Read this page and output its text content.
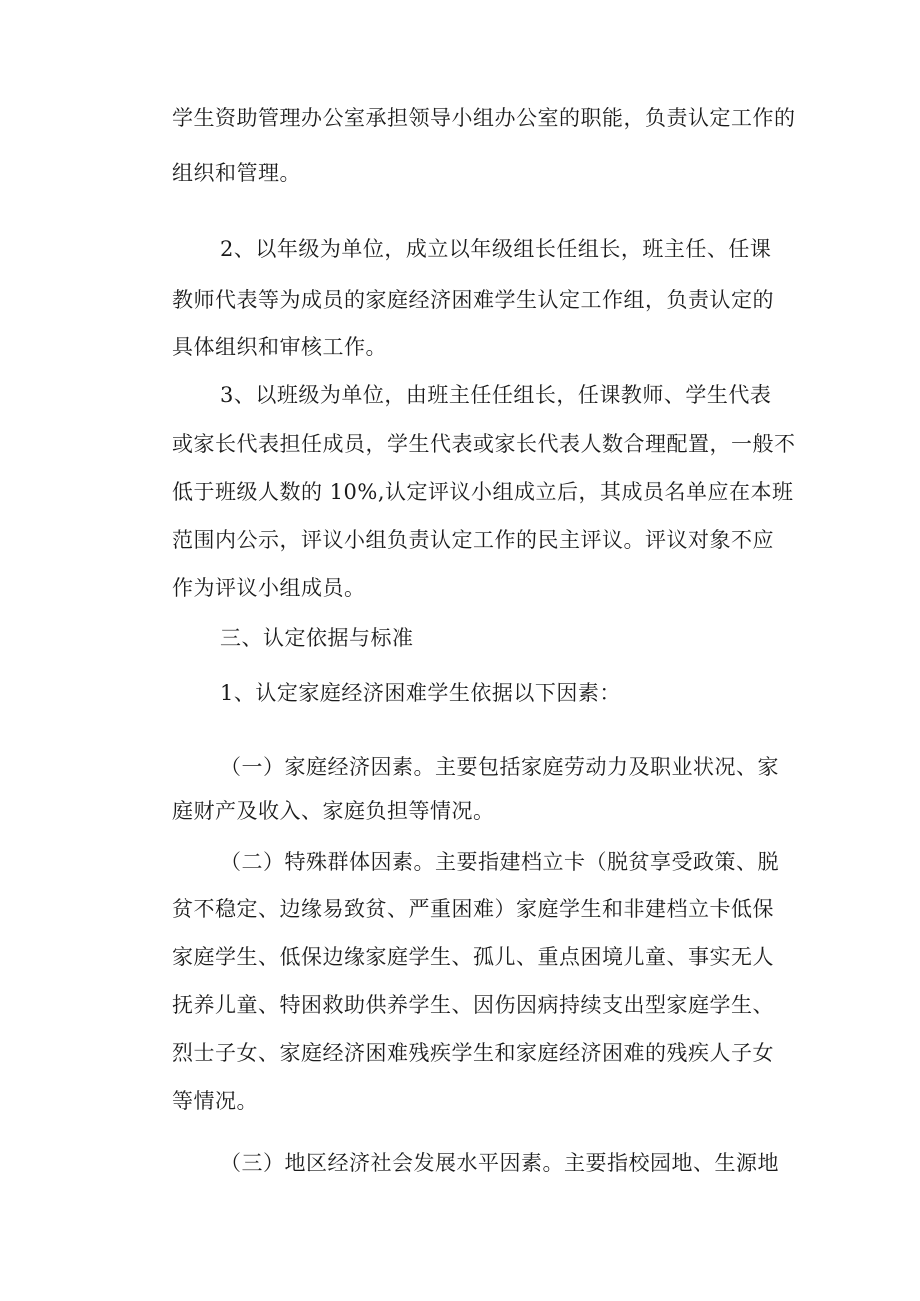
学生资助管理办公室承担领导小组办公室的职能，负责认定工作的
组织和管理。
2、以年级为单位，成立以年级组长任组长，班主任、任课
教师代表等为成员的家庭经济困难学生认定工作组，负责认定的
具体组织和审核工作。
3、以班级为单位，由班主任任组长，任课教师、学生代表
或家长代表担任成员，学生代表或家长代表人数合理配置，一般不
低于班级人数的 10%,认定评议小组成立后，其成员名单应在本班
范围内公示，评议小组负责认定工作的民主评议。评议对象不应
作为评议小组成员。
三、认定依据与标准
1、认定家庭经济困难学生依据以下因素：
（一）家庭经济因素。主要包括家庭劳动力及职业状况、家
庭财产及收入、家庭负担等情况。
（二）特殊群体因素。主要指建档立卡（脱贫享受政策、脱
贫不稳定、边缘易致贫、严重困难）家庭学生和非建档立卡低保
家庭学生、低保边缘家庭学生、孤儿、重点困境儿童、事实无人
抚养儿童、特困救助供养学生、因伤因病持续支出型家庭学生、
烈士子女、家庭经济困难残疾学生和家庭经济困难的残疾人子女
等情况。
（三）地区经济社会发展水平因素。主要指校园地、生源地
